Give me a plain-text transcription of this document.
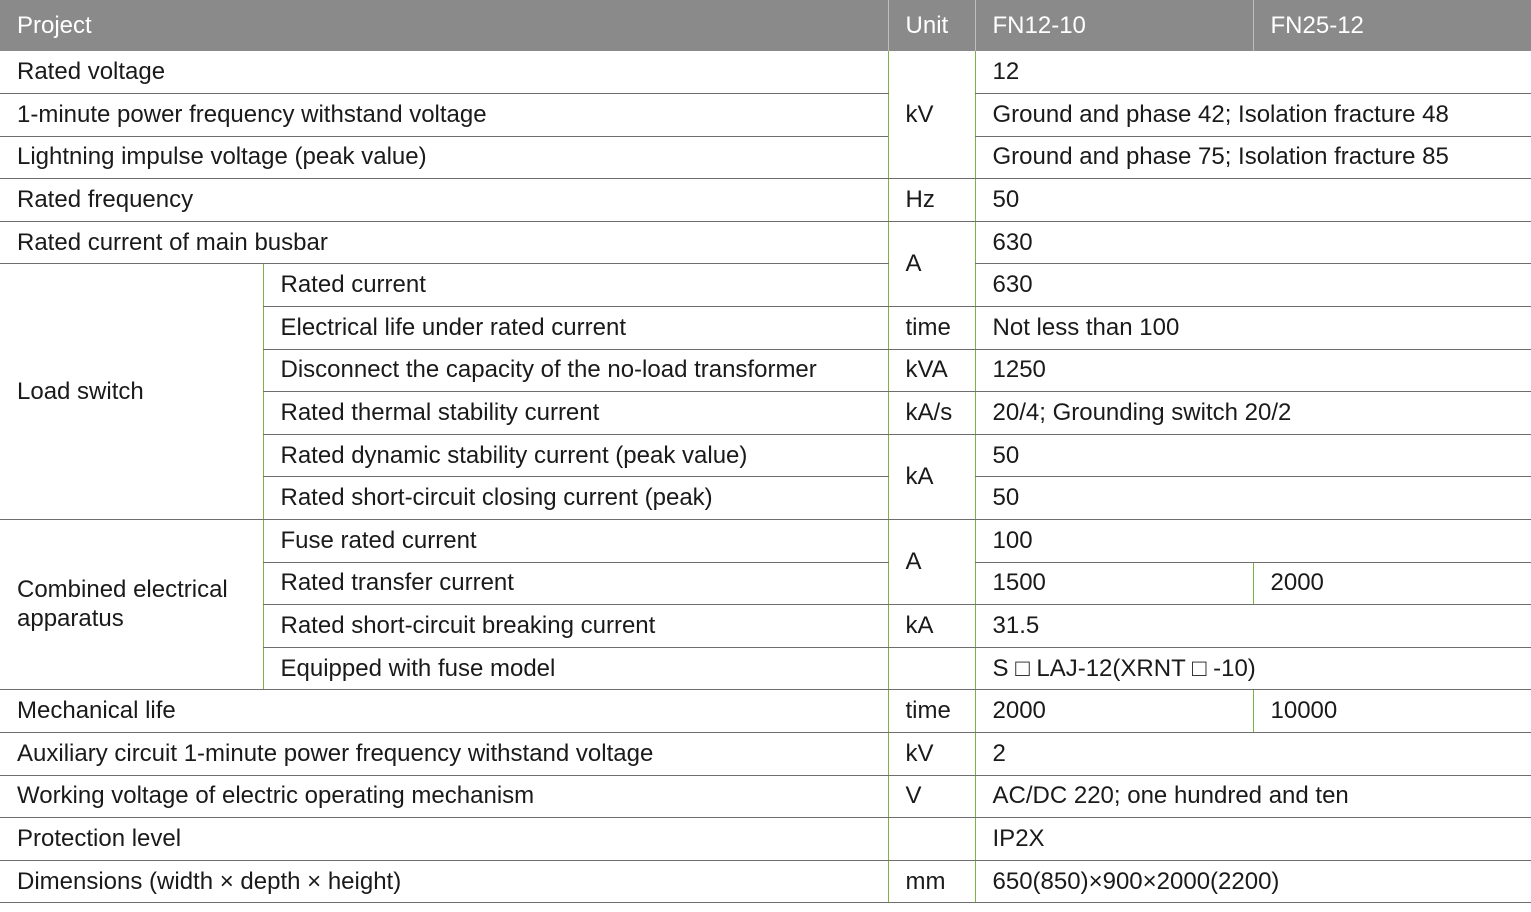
Project		Unit	FN12-10	FN25-12
Rated voltage		kV	12	
1-minute power frequency withstand voltage			Ground and phase 42; Isolation fracture 48	
Lightning impulse voltage (peak value)			Ground and phase 75; Isolation fracture 85	
Rated frequency		Hz	50	
Rated current of main busbar		A	630	
Load switch	Rated current		630	
	Electrical life under rated current	time	Not less than 100	
	Disconnect the capacity of the no-load transformer	kVA	1250	
	Rated thermal stability current	kA/s	20/4; Grounding switch 20/2	
	Rated dynamic stability current (peak value)	kA	50	
	Rated short-circuit closing current (peak)		50	
Combined electrical apparatus	Fuse rated current	A	100	
	Rated transfer current		1500	2000
	Rated short-circuit breaking current	kA	31.5	
	Equipped with fuse model		S □ LAJ-12(XRNT □ -10)	
Mechanical life		time	2000	10000
Auxiliary circuit 1-minute power frequency withstand voltage		kV	2	
Working voltage of electric operating mechanism		V	AC/DC 220; one hundred and ten	
Protection level			IP2X	
Dimensions (width × depth × height)		mm	650(850)×900×2000(2200)	
